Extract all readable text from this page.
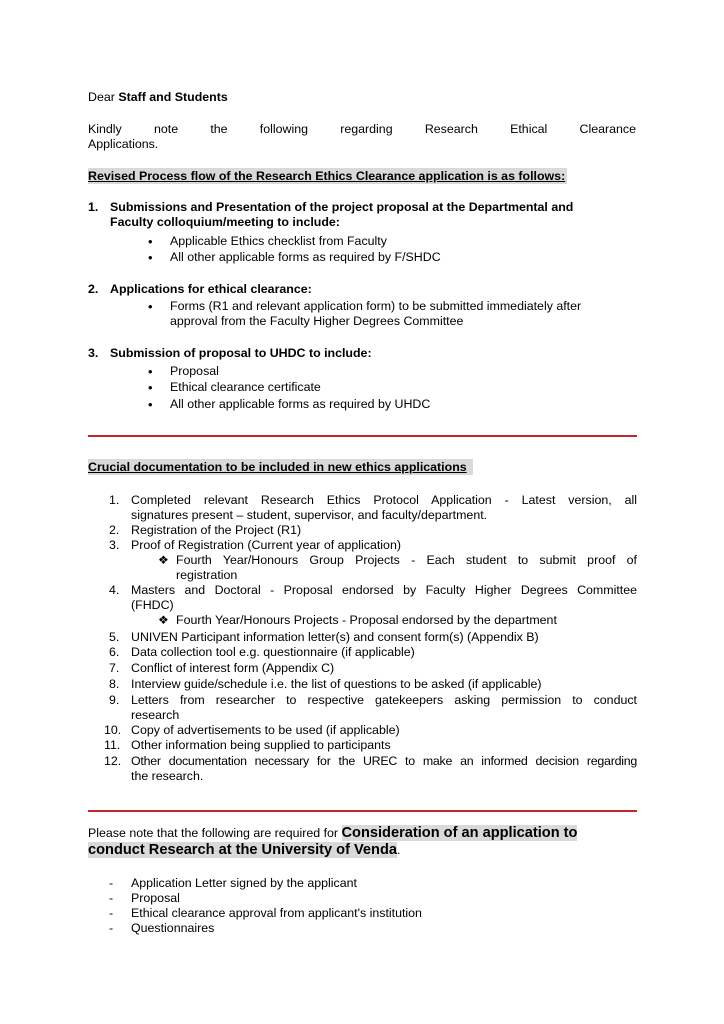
Dear Staff and Students
Kindly note the following regarding Research Ethical Clearance
Applications.
Revised Process flow of the Research Ethics Clearance application is as follows:
1. Submissions and Presentation of the project proposal at the Departmental and
Faculty colloquium/meeting to include:
• Applicable Ethics checklist from Faculty
• All other applicable forms as required by F/SHDC
2. Applications for ethical clearance:
• Forms (R1 and relevant application form) to be submitted immediately after
approval from the Faculty Higher Degrees Committee
3. Submission of proposal to UHDC to include:
• Proposal
• Ethical clearance certificate
• All other applicable forms as required by UHDC
Crucial documentation to be included in new ethics applications
1. Completed relevant Research Ethics Protocol Application - Latest version, all
signatures present – student, supervisor, and faculty/department.
2. Registration of the Project (R1)
3. Proof of Registration (Current year of application)
❖ Fourth Year/Honours Group Projects - Each student to submit proof of
registration
4. Masters and Doctoral - Proposal endorsed by Faculty Higher Degrees Committee
(FHDC)
❖ Fourth Year/Honours Projects - Proposal endorsed by the department
5. UNIVEN Participant information letter(s) and consent form(s) (Appendix B)
6. Data collection tool e.g. questionnaire (if applicable)
7. Conflict of interest form (Appendix C)
8. Interview guide/schedule i.e. the list of questions to be asked (if applicable)
9. Letters from researcher to respective gatekeepers asking permission to conduct
research
10. Copy of advertisements to be used (if applicable)
11. Other information being supplied to participants
12. Other documentation necessary for the UREC to make an informed decision regarding
the research.
Please note that the following are required for Consideration of an application to
conduct Research at the University of Venda.
- Application Letter signed by the applicant
- Proposal
- Ethical clearance approval from applicant's institution
- Questionnaires
